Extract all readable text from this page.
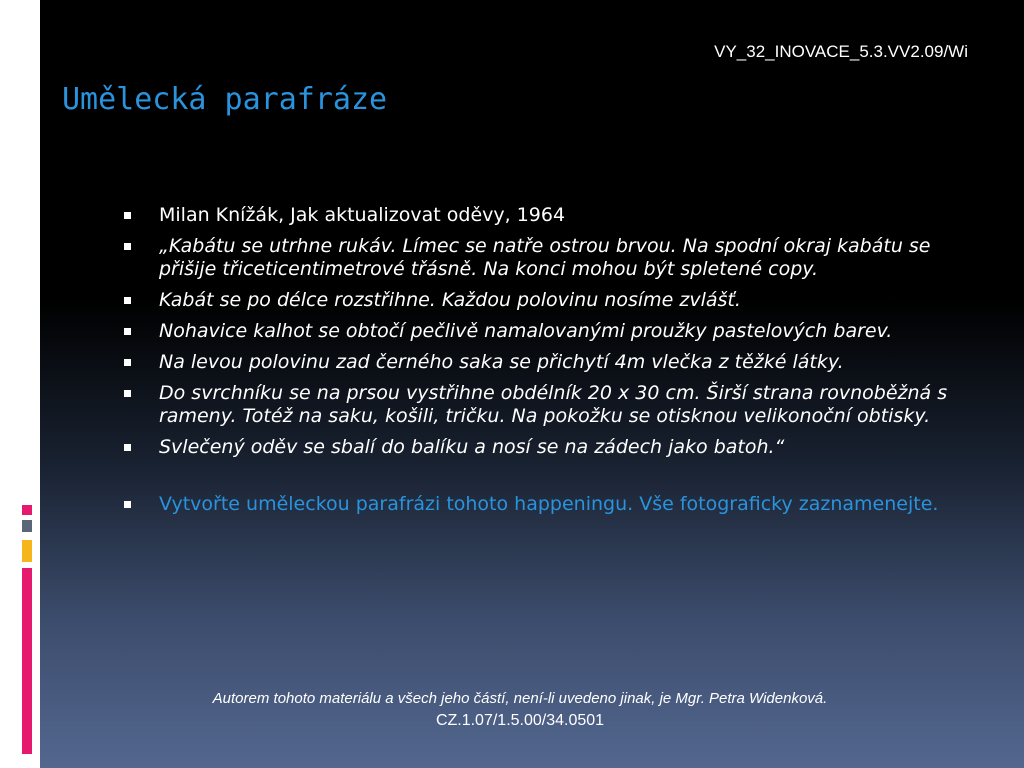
VY_32_INOVACE_5.3.VV2.09/Wi
Umělecká parafráze
Milan Knížák, Jak aktualizovat oděvy, 1964
„Kabátu se utrhne rukáv. Límec se natře ostrou brvou. Na spodní okraj kabátu se přišije třiceticentimetrové třásně. Na konci mohou být spletené copy.
Kabát se po délce rozstřihne. Každou polovinu nosíme zvlášť.
Nohavice kalhot se obtočí pečlivě namalovanými proužky pastelových barev.
Na levou polovinu zad černého saka se přichytí 4m vlečka z těžké látky.
Do svrchníku se na prsou vystřihne obdélník 20 x 30 cm. Širší strana rovnoběžná s rameny. Totéž na saku, košili, tričku. Na pokožku se otisknou velikonoční obtisky.
Svlečený oděv se sbalí do balíku a nosí se na zádech jako batoh.“
Vytvořte uměleckou parafrázi tohoto happeningu. Vše fotograficky zaznamenejte.
Autorem tohoto materiálu a všech jeho částí, není-li uvedeno jinak, je Mgr. Petra Widenková.
CZ.1.07/1.5.00/34.0501
